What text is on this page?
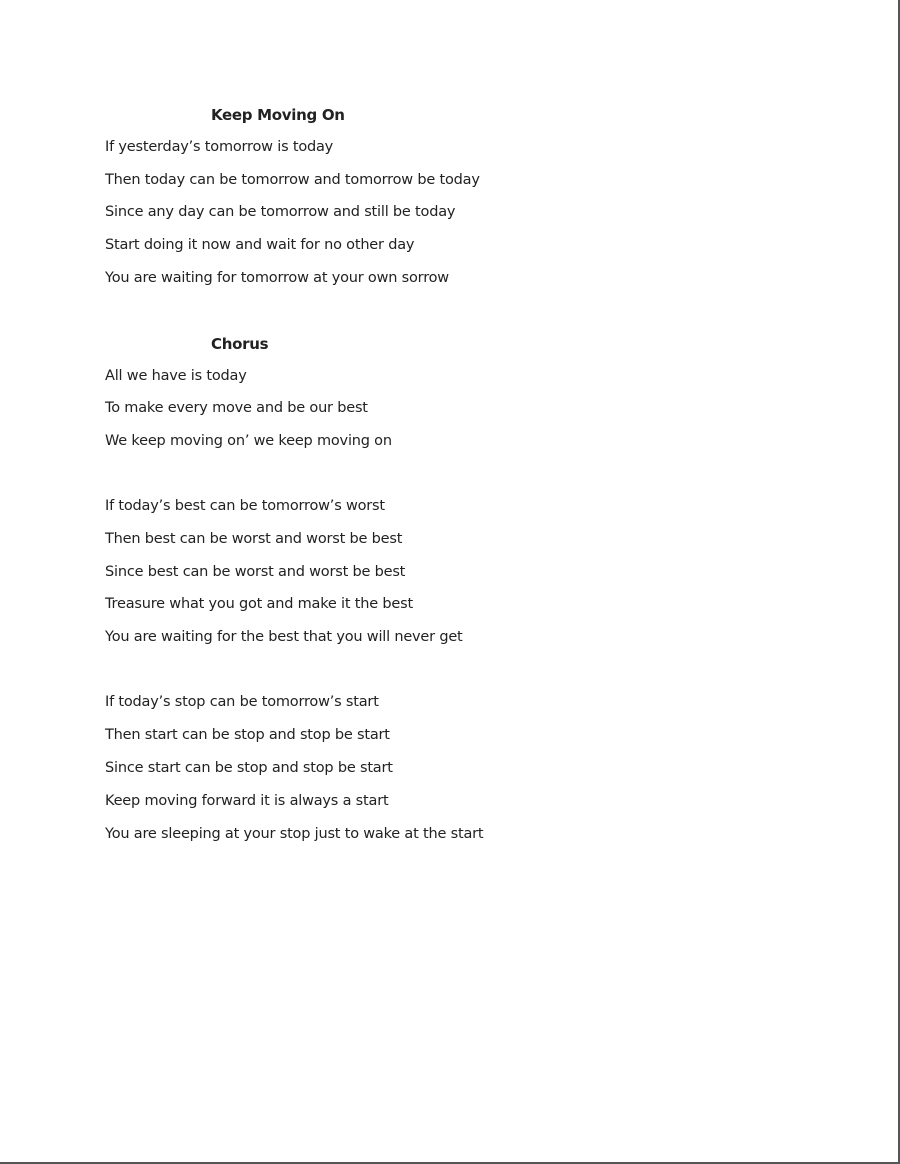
Keep Moving On

If yesterday’s tomorrow is today

Then today can be tomorrow and tomorrow be today

Since any day can be tomorrow and still be today

Start doing it now and wait for no other day

You are waiting for tomorrow at your own sorrow

Chorus

All we have is today

To make every move and be our best

We keep moving on’ we keep moving on

If today’s best can be tomorrow’s worst

Then best can be worst and worst be best

Since best can be worst and worst be best

Treasure what you got and make it the best

You are waiting for the best that you will never get

If today’s stop can be tomorrow’s start

Then start can be stop and stop be start

Since start can be stop and stop be start

Keep moving forward it is always a start

You are sleeping at your stop just to wake at the start
